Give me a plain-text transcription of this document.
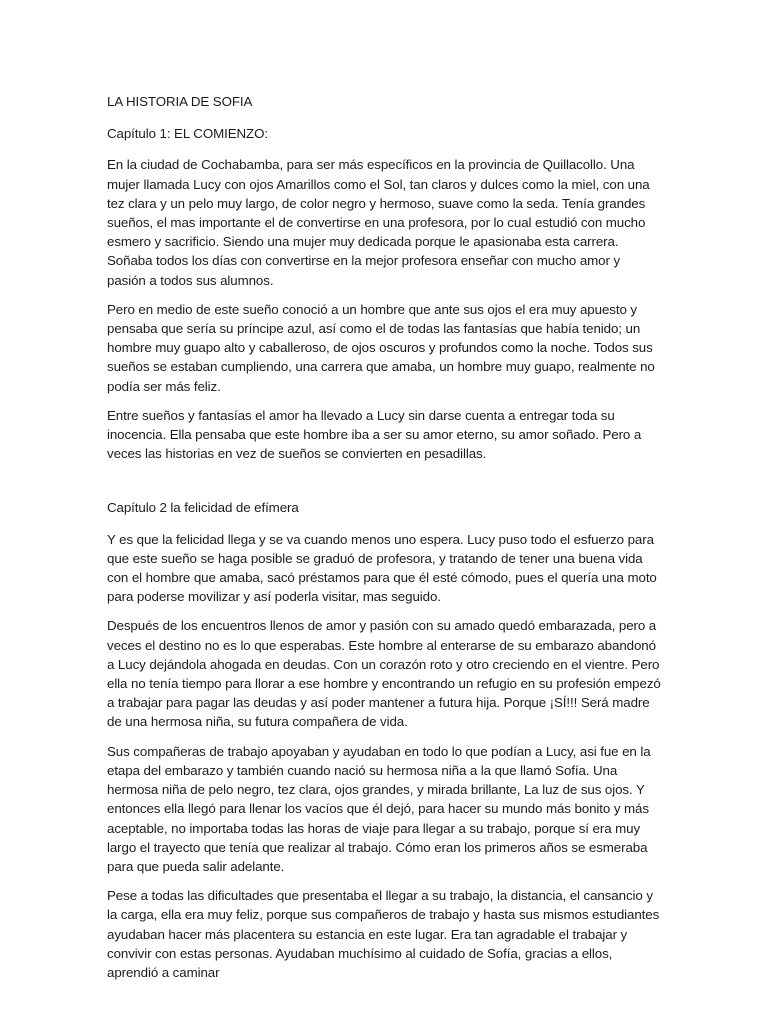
LA HISTORIA DE SOFIA

Capítulo 1: EL COMIENZO:

En la ciudad de Cochabamba, para ser más específicos en la provincia de Quillacollo. Una mujer llamada Lucy con ojos Amarillos como el Sol, tan claros y dulces como la miel, con una tez clara y un pelo muy largo, de color negro y hermoso, suave como la seda. Tenía grandes sueños, el mas importante el de convertirse en una profesora, por lo cual estudió con mucho esmero y sacrificio. Siendo una mujer muy dedicada porque le apasionaba esta carrera. Soñaba todos los días con convertirse en la mejor profesora enseñar con mucho amor y pasión a todos sus alumnos.

Pero en medio de este sueño conoció a un hombre que ante sus ojos el era muy apuesto y pensaba que sería su príncipe azul, así como el de todas las fantasías que había tenido; un hombre muy guapo alto y caballeroso, de ojos oscuros y profundos como la noche. Todos sus sueños se estaban cumpliendo, una carrera que amaba, un hombre muy guapo, realmente no podía ser más feliz.

Entre sueños y fantasías el amor ha llevado a Lucy sin darse cuenta a entregar toda su inocencia. Ella pensaba que este hombre iba a ser su amor eterno, su amor soñado. Pero a veces las historias en vez de sueños se convierten en pesadillas.

Capítulo 2 la felicidad de efímera

Y es que la felicidad llega y se va cuando menos uno espera. Lucy puso todo el esfuerzo para que este sueño se haga posible se graduó de profesora, y tratando de tener una buena vida con el hombre que amaba, sacó préstamos para que él esté cómodo, pues el quería una moto para poderse movilizar y así poderla visitar, mas seguido.

Después de los encuentros llenos de amor y pasión con su amado quedó embarazada, pero a veces el destino no es lo que esperabas. Este hombre al enterarse de su embarazo abandonó a Lucy dejándola ahogada en deudas. Con un corazón roto y otro creciendo en el vientre. Pero ella no tenía tiempo para llorar a ese hombre y encontrando un refugio en su profesión empezó a trabajar para pagar las deudas y así poder mantener a futura hija. Porque ¡SÍ!!! Será madre de una hermosa niña, su futura compañera de vida.

Sus compañeras de trabajo apoyaban y ayudaban en todo lo que podían a Lucy, asi fue en la etapa del embarazo y también cuando nació su hermosa niña a la que llamó Sofía. Una hermosa niña de pelo negro, tez clara, ojos grandes, y mirada brillante, La luz de sus ojos. Y entonces ella llegó para llenar los vacíos que él dejó, para hacer su mundo más bonito y más aceptable, no importaba todas las horas de viaje para llegar a su trabajo, porque sí era muy largo el trayecto que tenía que realizar al trabajo. Cómo eran los primeros años se esmeraba para que pueda salir adelante.

Pese a todas las dificultades que presentaba el llegar a su trabajo, la distancia, el cansancio y la carga, ella era muy feliz, porque sus compañeros de trabajo y hasta sus mismos estudiantes ayudaban hacer más placentera su estancia en este lugar. Era tan agradable el trabajar y convivir con estas personas. Ayudaban muchísimo al cuidado de Sofía, gracias a ellos, aprendió a caminar
